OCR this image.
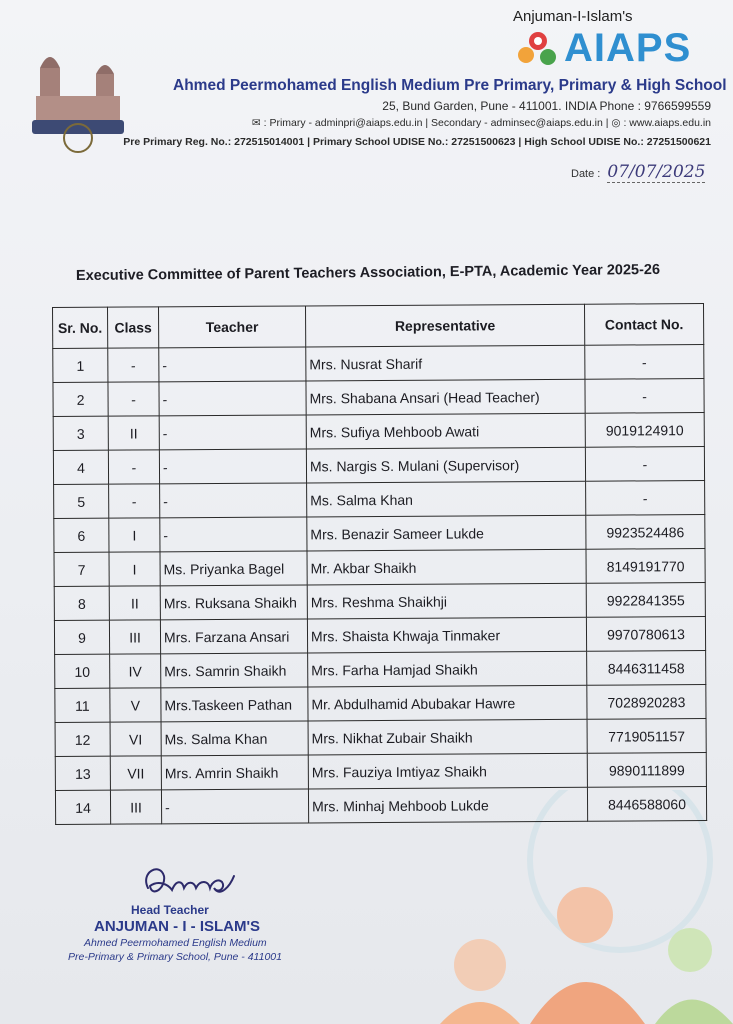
Anjuman-I-Islam's
AIAPS
Ahmed Peermohamed English Medium Pre Primary, Primary & High School
25, Bund Garden, Pune - 411001. INDIA Phone : 9766599559
✉ : Primary - adminpri@aiaps.edu.in | Secondary - adminsec@aiaps.edu.in | ◎ : www.aiaps.edu.in
Pre Primary Reg. No.: 272515014001 | Primary School UDISE No.: 27251500623 | High School UDISE No.: 27251500621
Date : 07/07/2025
Executive Committee of Parent Teachers Association, E-PTA, Academic Year 2025-26
Sr. No.	Class	Teacher	Representative	Contact No.
1	-	-	Mrs. Nusrat Sharif	-
2	-	-	Mrs. Shabana Ansari (Head Teacher)	-
3	II	-	Mrs. Sufiya Mehboob Awati	9019124910
4	-	-	Ms. Nargis S. Mulani (Supervisor)	-
5	-	-	Ms. Salma Khan	-
6	I	-	Mrs. Benazir Sameer Lukde	9923524486
7	I	Ms. Priyanka Bagel	Mr. Akbar Shaikh	8149191770
8	II	Mrs. Ruksana Shaikh	Mrs. Reshma Shaikhji	9922841355
9	III	Mrs. Farzana Ansari	Mrs. Shaista Khwaja Tinmaker	9970780613
10	IV	Mrs. Samrin Shaikh	Mrs. Farha Hamjad Shaikh	8446311458
11	V	Mrs.Taskeen Pathan	Mr. Abdulhamid Abubakar Hawre	7028920283
12	VI	Ms. Salma Khan	Mrs. Nikhat Zubair Shaikh	7719051157
13	VII	Mrs. Amrin Shaikh	Mrs. Fauziya Imtiyaz Shaikh	9890111899
14	III	-	Mrs. Minhaj Mehboob Lukde	8446588060
Head Teacher
ANJUMAN - I - ISLAM'S
Ahmed Peermohamed English Medium
Pre-Primary & Primary School, Pune - 411001
